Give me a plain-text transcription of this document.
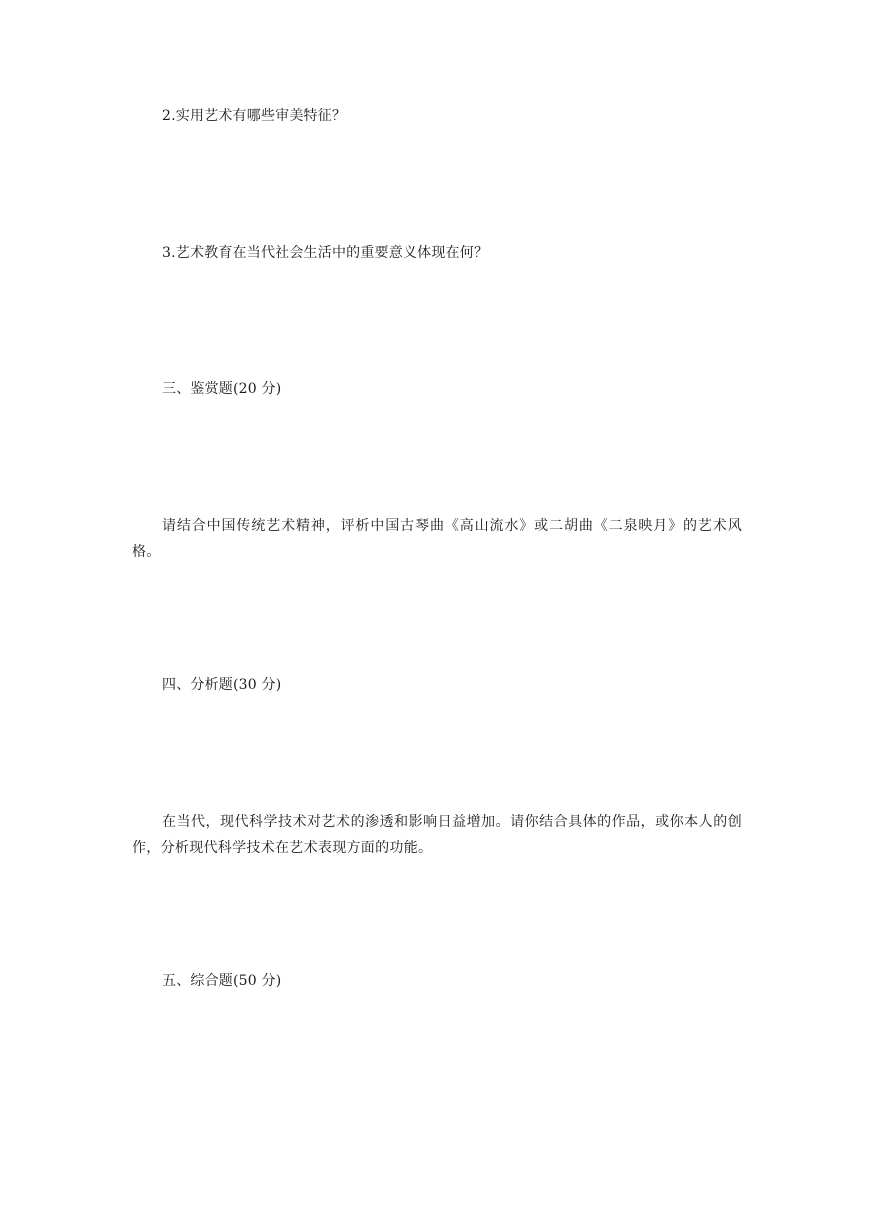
2.实用艺术有哪些审美特征？
3.艺术教育在当代社会生活中的重要意义体现在何？
三、鉴赏题(20 分)
请结合中国传统艺术精神，评析中国古琴曲《高山流水》或二胡曲《二泉映月》的艺术风格。
四、分析题(30 分)
在当代，现代科学技术对艺术的渗透和影响日益增加。请你结合具体的作品，或你本人的创作，分析现代科学技术在艺术表现方面的功能。
五、综合题(50 分)
